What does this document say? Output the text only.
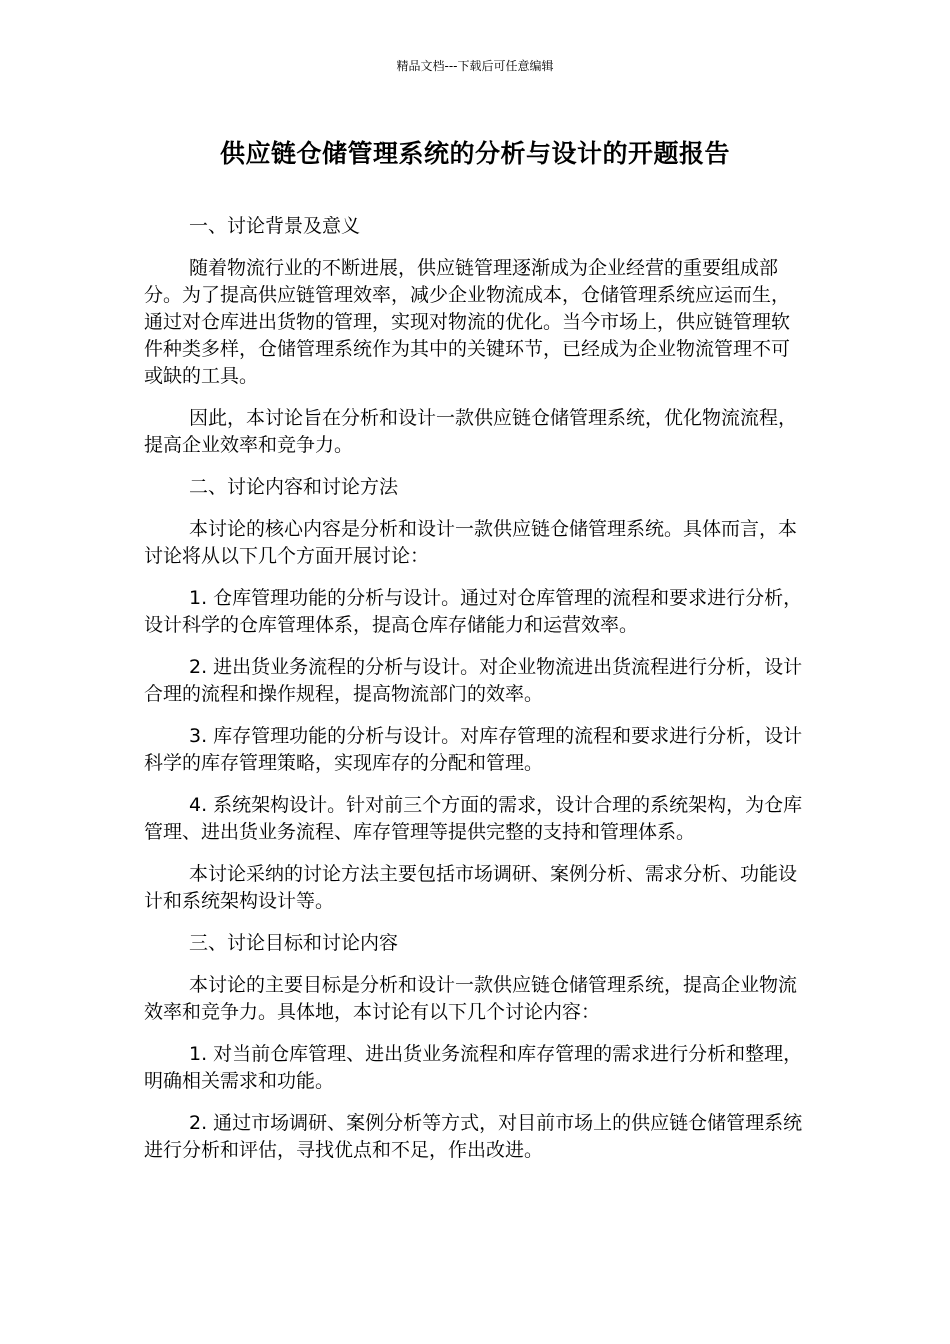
精品文档---下载后可任意编辑
供应链仓储管理系统的分析与设计的开题报告

一、讨论背景及意义

随着物流行业的不断进展，供应链管理逐渐成为企业经营的重要组成部分。为了提高供应链管理效率，减少企业物流成本，仓储管理系统应运而生，通过对仓库进出货物的管理，实现对物流的优化。当今市场上，供应链管理软件种类多样，仓储管理系统作为其中的关键环节，已经成为企业物流管理不可或缺的工具。

因此，本讨论旨在分析和设计一款供应链仓储管理系统，优化物流流程，提高企业效率和竞争力。

二、讨论内容和讨论方法

本讨论的核心内容是分析和设计一款供应链仓储管理系统。具体而言，本讨论将从以下几个方面开展讨论：

1. 仓库管理功能的分析与设计。通过对仓库管理的流程和要求进行分析，设计科学的仓库管理体系，提高仓库存储能力和运营效率。

2. 进出货业务流程的分析与设计。对企业物流进出货流程进行分析，设计合理的流程和操作规程，提高物流部门的效率。

3. 库存管理功能的分析与设计。对库存管理的流程和要求进行分析，设计科学的库存管理策略，实现库存的分配和管理。

4. 系统架构设计。针对前三个方面的需求，设计合理的系统架构，为仓库管理、进出货业务流程、库存管理等提供完整的支持和管理体系。

本讨论采纳的讨论方法主要包括市场调研、案例分析、需求分析、功能设计和系统架构设计等。

三、讨论目标和讨论内容

本讨论的主要目标是分析和设计一款供应链仓储管理系统，提高企业物流效率和竞争力。具体地，本讨论有以下几个讨论内容：

1. 对当前仓库管理、进出货业务流程和库存管理的需求进行分析和整理，明确相关需求和功能。

2. 通过市场调研、案例分析等方式，对目前市场上的供应链仓储管理系统进行分析和评估，寻找优点和不足，作出改进。
